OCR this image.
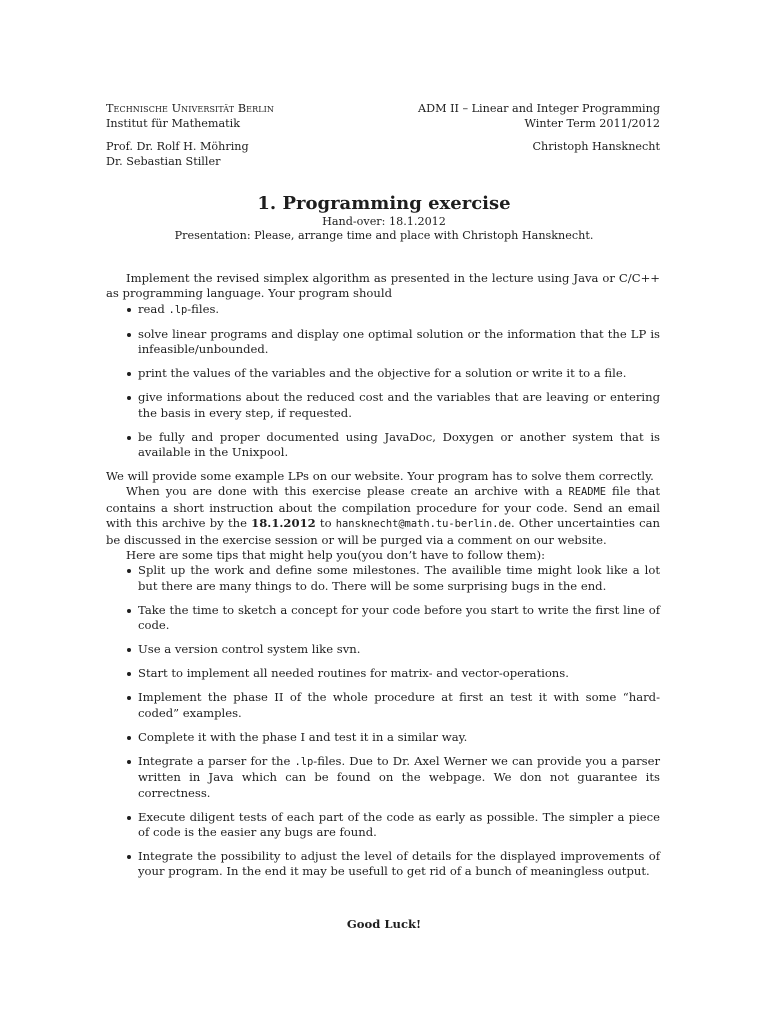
Technische Universität Berlin
Institut für Mathematik
ADM II – Linear and Integer Programming
Winter Term 2011/2012
Prof. Dr. Rolf H. Möhring
Dr. Sebastian Stiller
Christoph Hansknecht
1. Programming exercise
Hand-over: 18.1.2012
Presentation: Please, arrange time and place with Christoph Hansknecht.

Implement the revised simplex algorithm as presented in the lecture using Java or C/C++ as programming language. Your program should

read .lp-files.
solve linear programs and display one optimal solution or the information that the LP is infeasible/unbounded.
print the values of the variables and the objective for a solution or write it to a file.
give informations about the reduced cost and the variables that are leaving or entering the basis in every step, if requested.
be fully and proper documented using JavaDoc, Doxygen or another system that is available in the Unixpool.

We will provide some example LPs on our website. Your program has to solve them correctly.

When you are done with this exercise please create an archive with a README file that contains a short instruction about the compilation procedure for your code. Send an email with this archive by the 18.1.2012 to hansknecht@math.tu-berlin.de. Other uncertainties can be discussed in the exercise session or will be purged via a comment on our website.

Here are some tips that might help you(you don’t have to follow them):

Split up the work and define some milestones. The availible time might look like a lot but there are many things to do. There will be some surprising bugs in the end.
Take the time to sketch a concept for your code before you start to write the first line of code.
Use a version control system like svn.
Start to implement all needed routines for matrix- and vector-operations.
Implement the phase II of the whole procedure at first an test it with some “hard-coded” examples.
Complete it with the phase I and test it in a similar way.
Integrate a parser for the .lp-files. Due to Dr. Axel Werner we can provide you a parser written in Java which can be found on the webpage. We don not guarantee its correctness.
Execute diligent tests of each part of the code as early as possible. The simpler a piece of code is the easier any bugs are found.
Integrate the possibility to adjust the level of details for the displayed improvements of your program. In the end it may be usefull to get rid of a bunch of meaningless output.
Good Luck!
